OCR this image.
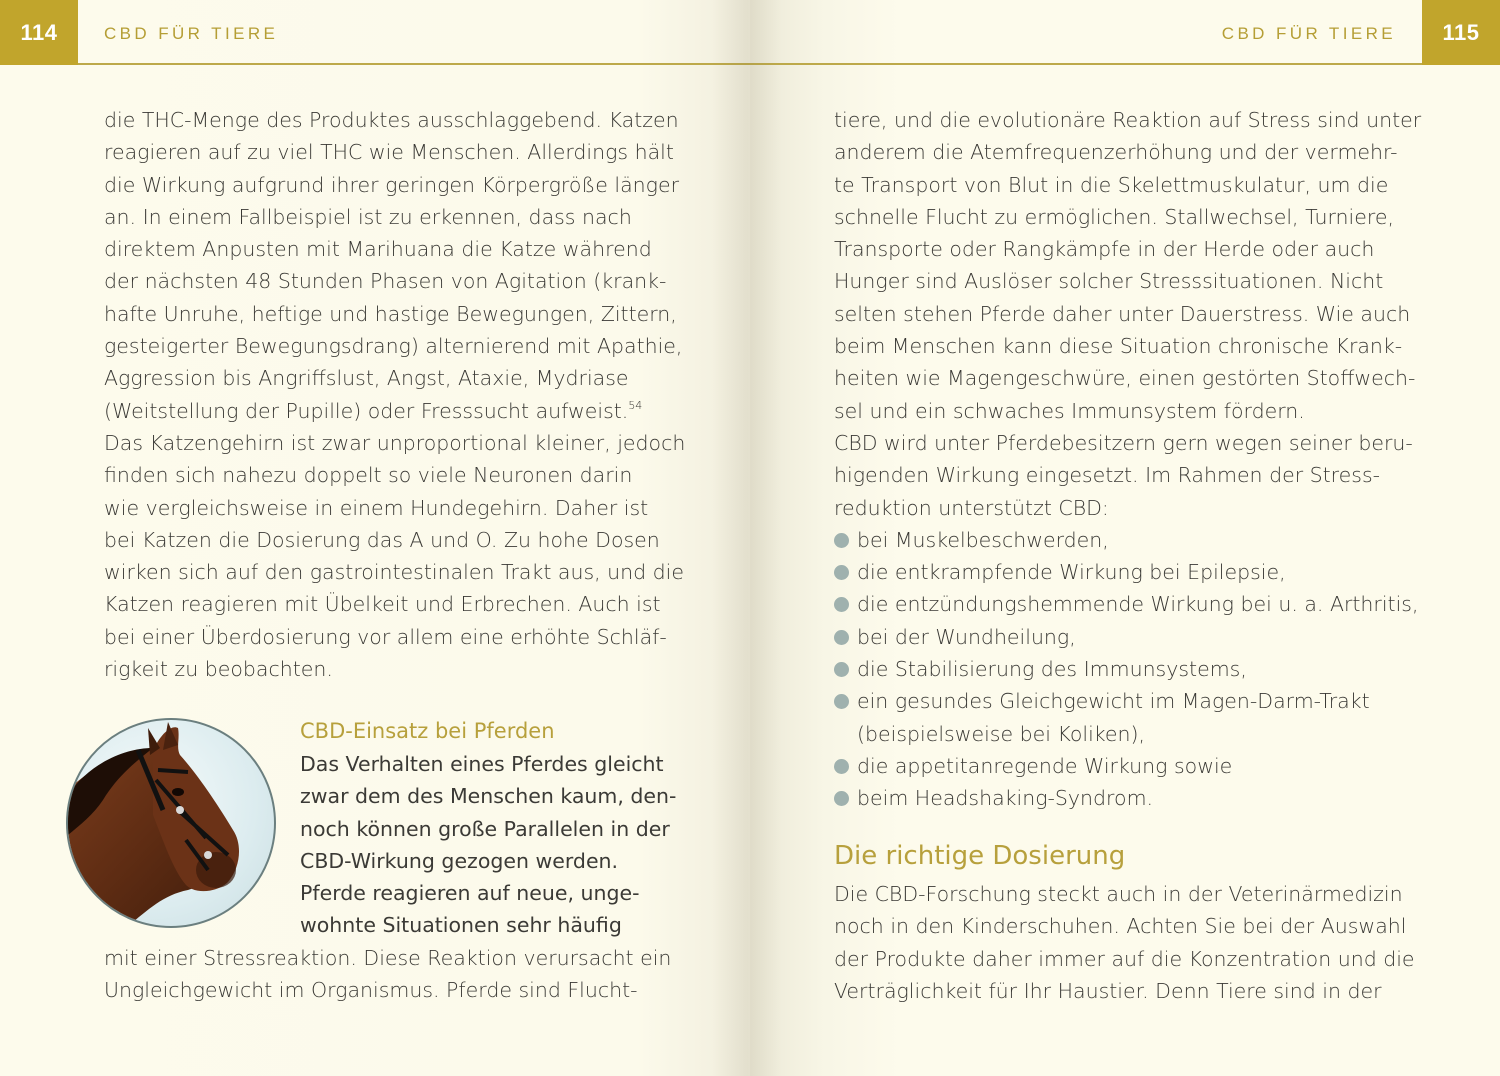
114	CBD FÜR TIERE
die THC-Menge des Produktes ausschlaggebend. Katzen
reagieren auf zu viel THC wie Menschen. Allerdings hält
die Wirkung aufgrund ihrer geringen Körpergröße länger
an. In einem Fallbeispiel ist zu erkennen, dass nach
direktem Anpusten mit Marihuana die Katze während
der nächsten 48 Stunden Phasen von Agitation (krank-
hafte Unruhe, heftige und hastige Bewegungen, Zittern,
gesteigerter Bewegungsdrang) alternierend mit Apathie,
Aggression bis Angriffslust, Angst, Ataxie, Mydriase
(Weitstellung der Pupille) oder Fresssucht aufweist.$^{54}$
Das Katzengehirn ist zwar unproportional kleiner, jedoch
finden sich nahezu doppelt so viele Neuronen darin
wie vergleichsweise in einem Hundegehirn. Daher ist
bei Katzen die Dosierung das A und O. Zu hohe Dosen
wirken sich auf den gastrointestinalen Trakt aus, und die
Katzen reagieren mit Übelkeit und Erbrechen. Auch ist
bei einer Überdosierung vor allem eine erhöhte Schläf-
rigkeit zu beobachten.
CBD-Einsatz bei Pferden
Das Verhalten eines Pferdes gleicht
zwar dem des Menschen kaum, den-
noch können große Parallelen in der
CBD-Wirkung gezogen werden.
Pferde reagieren auf neue, unge-
wohnte Situationen sehr häufig
mit einer Stressreaktion. Diese Reaktion verursacht ein
Ungleichgewicht im Organismus. Pferde sind Flucht-
115
CBD FÜR TIERE
tiere, und die evolutionäre Reaktion auf Stress sind unter
anderem die Atemfrequenzerhöhung und der vermehr-
te Transport von Blut in die Skelettmuskulatur, um die
schnelle Flucht zu ermöglichen. Stallwechsel, Turniere,
Transporte oder Rangkämpfe in der Herde oder auch
Hunger sind Auslöser solcher Stresssituationen. Nicht
selten stehen Pferde daher unter Dauerstress. Wie auch
beim Menschen kann diese Situation chronische Krank-
heiten wie Magengeschwüre, einen gestörten Stoffwech-
sel und ein schwaches Immunsystem fördern.
CBD wird unter Pferdebesitzern gern wegen seiner beru-
higenden Wirkung eingesetzt. Im Rahmen der Stress-
reduktion unterstützt CBD:
bei Muskelbeschwerden,
die entkrampfende Wirkung bei Epilepsie,
die entzündungshemmende Wirkung bei u. a. Arthritis,
bei der Wundheilung,
die Stabilisierung des Immunsystems,
ein gesundes Gleichgewicht im Magen-Darm-Trakt
(beispielsweise bei Koliken),
die appetitanregende Wirkung sowie
beim Headshaking-Syndrom.
Die richtige Dosierung
Die CBD-Forschung steckt auch in der Veterinärmedizin
noch in den Kinderschuhen. Achten Sie bei der Auswahl
der Produkte daher immer auf die Konzentration und die
Verträglichkeit für Ihr Haustier. Denn Tiere sind in der
